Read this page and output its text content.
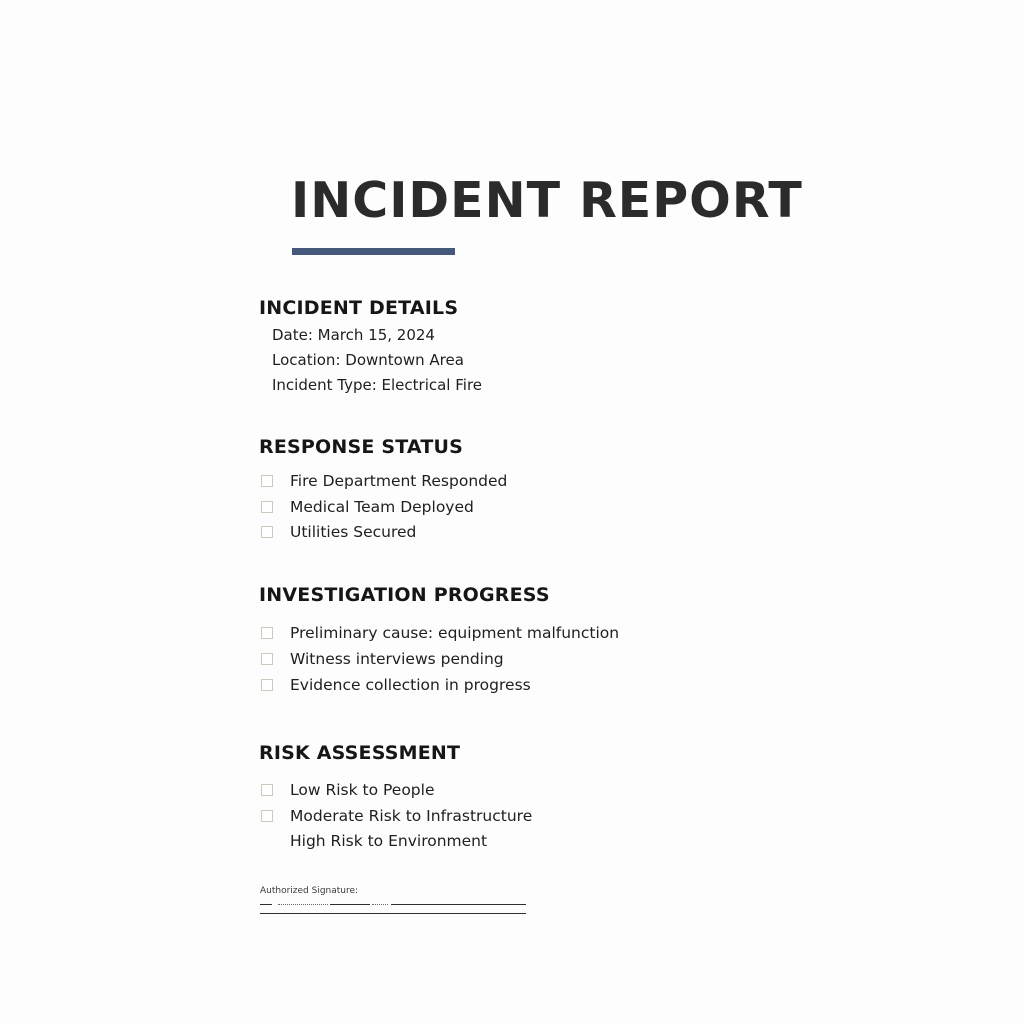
INCIDENT REPORT
INCIDENT DETAILS
Date: March 15, 2024
Location: Downtown Area
Incident Type: Electrical Fire
RESPONSE STATUS
Fire Department Responded
Medical Team Deployed
Utilities Secured
INVESTIGATION PROGRESS
Preliminary cause: equipment malfunction
Witness interviews pending
Evidence collection in progress
RISK ASSESSMENT
Low Risk to People
Moderate Risk to Infrastructure
High Risk to Environment
Authorized Signature:
